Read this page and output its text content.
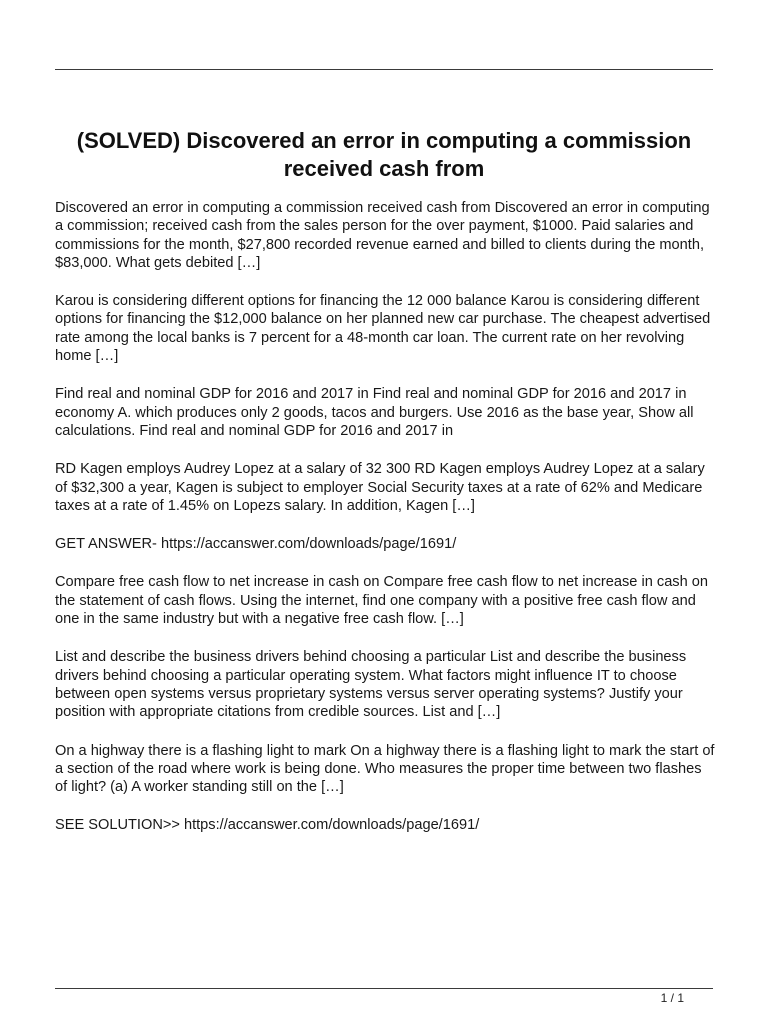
(SOLVED) Discovered an error in computing a commission received cash from

Discovered an error in computing a commission received cash from Discovered an error in computing a commission; received cash from the sales person for the over payment, $1000. Paid salaries and commissions for the month, $27,800 recorded revenue earned and billed to clients during the month, $83,000. What gets debited […]

Karou is considering different options for financing the 12 000 balance Karou is considering different options for financing the $12,000 balance on her planned new car purchase. The cheapest advertised rate among the local banks is 7 percent for a 48-month car loan. The current rate on her revolving home […]

Find real and nominal GDP for 2016 and 2017 in Find real and nominal GDP for 2016 and 2017 in economy A. which produces only 2 goods, tacos and burgers. Use 2016 as the base year, Show all calculations. Find real and nominal GDP for 2016 and 2017 in

RD Kagen employs Audrey Lopez at a salary of 32 300 RD Kagen employs Audrey Lopez at a salary of $32,300 a year, Kagen is subject to employer Social Security taxes at a rate of 62% and Medicare taxes at a rate of 1.45% on Lopezs salary. In addition, Kagen […]

GET ANSWER- https://accanswer.com/downloads/page/1691/

Compare free cash flow to net increase in cash on Compare free cash flow to net increase in cash on the statement of cash flows. Using the internet, find one company with a positive free cash flow and one in the same industry but with a negative free cash flow. […]

List and describe the business drivers behind choosing a particular List and describe the business drivers behind choosing a particular operating system. What factors might influence IT to choose between open systems versus proprietary systems versus server operating systems? Justify your position with appropriate citations from credible sources. List and […]

On a highway there is a flashing light to mark On a highway there is a flashing light to mark the start of a section of the road where work is being done. Who measures the proper time between two flashes of light? (a) A worker standing still on the […]

SEE SOLUTION>> https://accanswer.com/downloads/page/1691/

1 / 1
